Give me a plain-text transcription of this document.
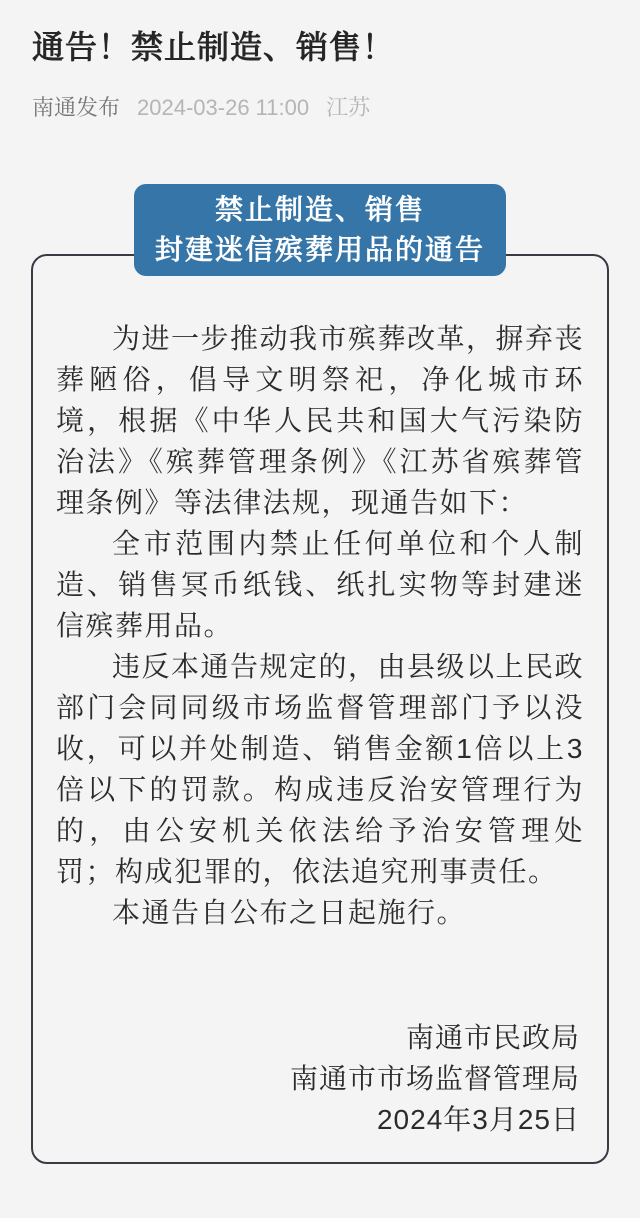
通告！禁止制造、销售！
南通发布 2024-03-26 11:00 江苏
禁止制造、销售
封建迷信殡葬用品的通告

为进一步推动我市殡葬改革，摒弃丧葬陋俗，倡导文明祭祀，净化城市环境，根据《中华人民共和国大气污染防治法》《殡葬管理条例》《江苏省殡葬管理条例》等法律法规，现通告如下：

全市范围内禁止任何单位和个人制造、销售冥币纸钱、纸扎实物等封建迷信殡葬用品。

违反本通告规定的，由县级以上民政部门会同同级市场监督管理部门予以没收，可以并处制造、销售金额1倍以上3倍以下的罚款。构成违反治安管理行为的，由公安机关依法给予治安管理处罚；构成犯罪的，依法追究刑事责任。

本通告自公布之日起施行。

南通市民政局
南通市市场监督管理局
2024年3月25日
